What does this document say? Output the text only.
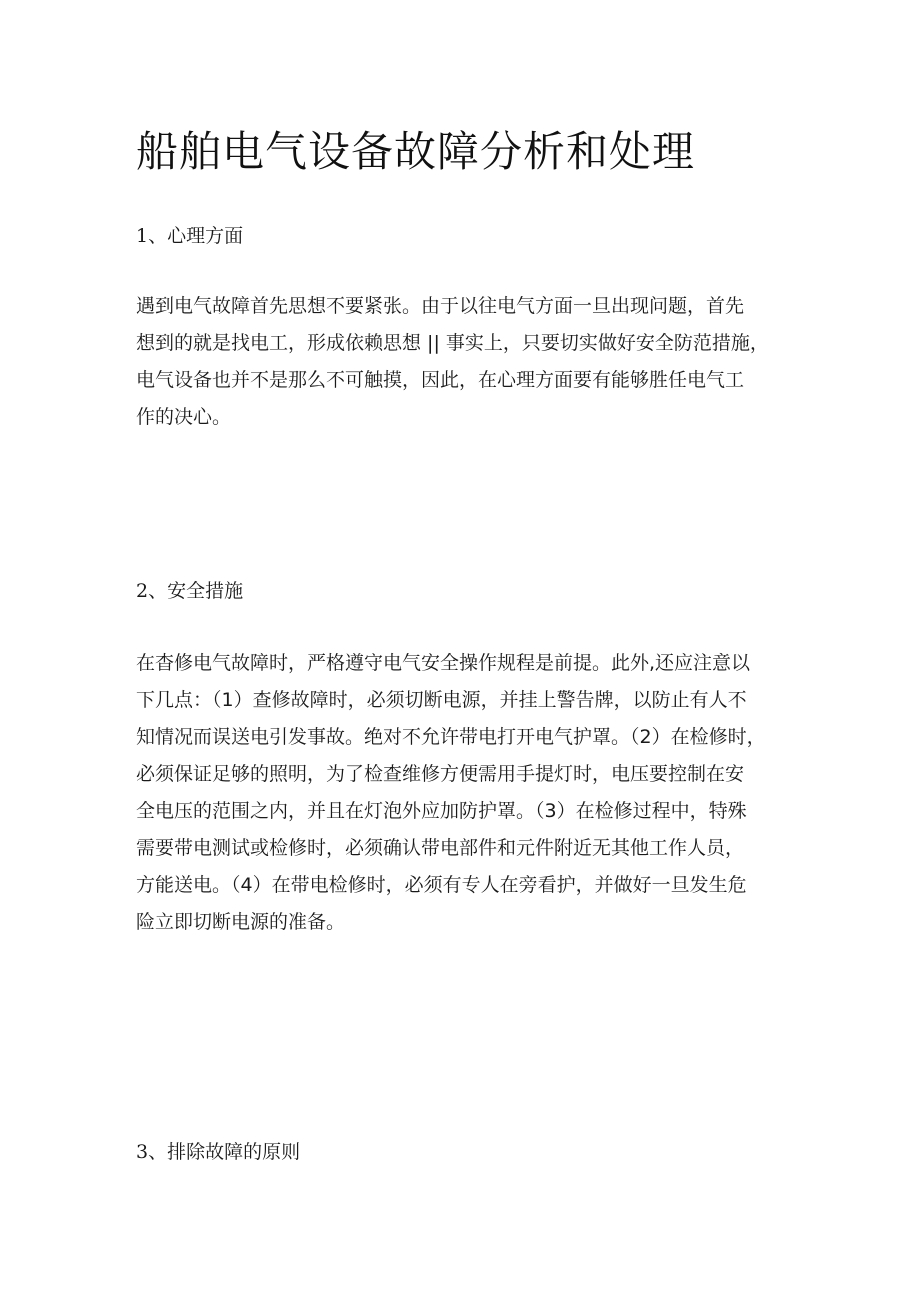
船舶电气设备故障分析和处理
1、心理方面
遇到电气故障首先思想不要紧张。由于以往电气方面一旦出现问题，首先
想到的就是找电工，形成依赖思想 || 事实上，只要切实做好安全防范措施，
电气设备也并不是那么不可触摸，因此，在心理方面要有能够胜任电气工
作的决心。
2、安全措施
在杳修电气故障时，严格遵守电气安全操作规程是前提。此外,还应注意以
下几点：（1）查修故障时，必须切断电源，并挂上警告牌，以防止有人不
知情况而误送电引发事故。绝对不允许带电打开电气护罩。（2）在检修时，
必须保证足够的照明，为了检查维修方便需用手提灯时，电压要控制在安
全电压的范围之内，并且在灯泡外应加防护罩。（3）在检修过程中，特殊
需要带电测试或检修时，必须确认带电部件和元件附近无其他工作人员，
方能送电。（4）在带电检修时，必须有专人在旁看护，并做好一旦发生危
险立即切断电源的准备。
3、排除故障的原则
